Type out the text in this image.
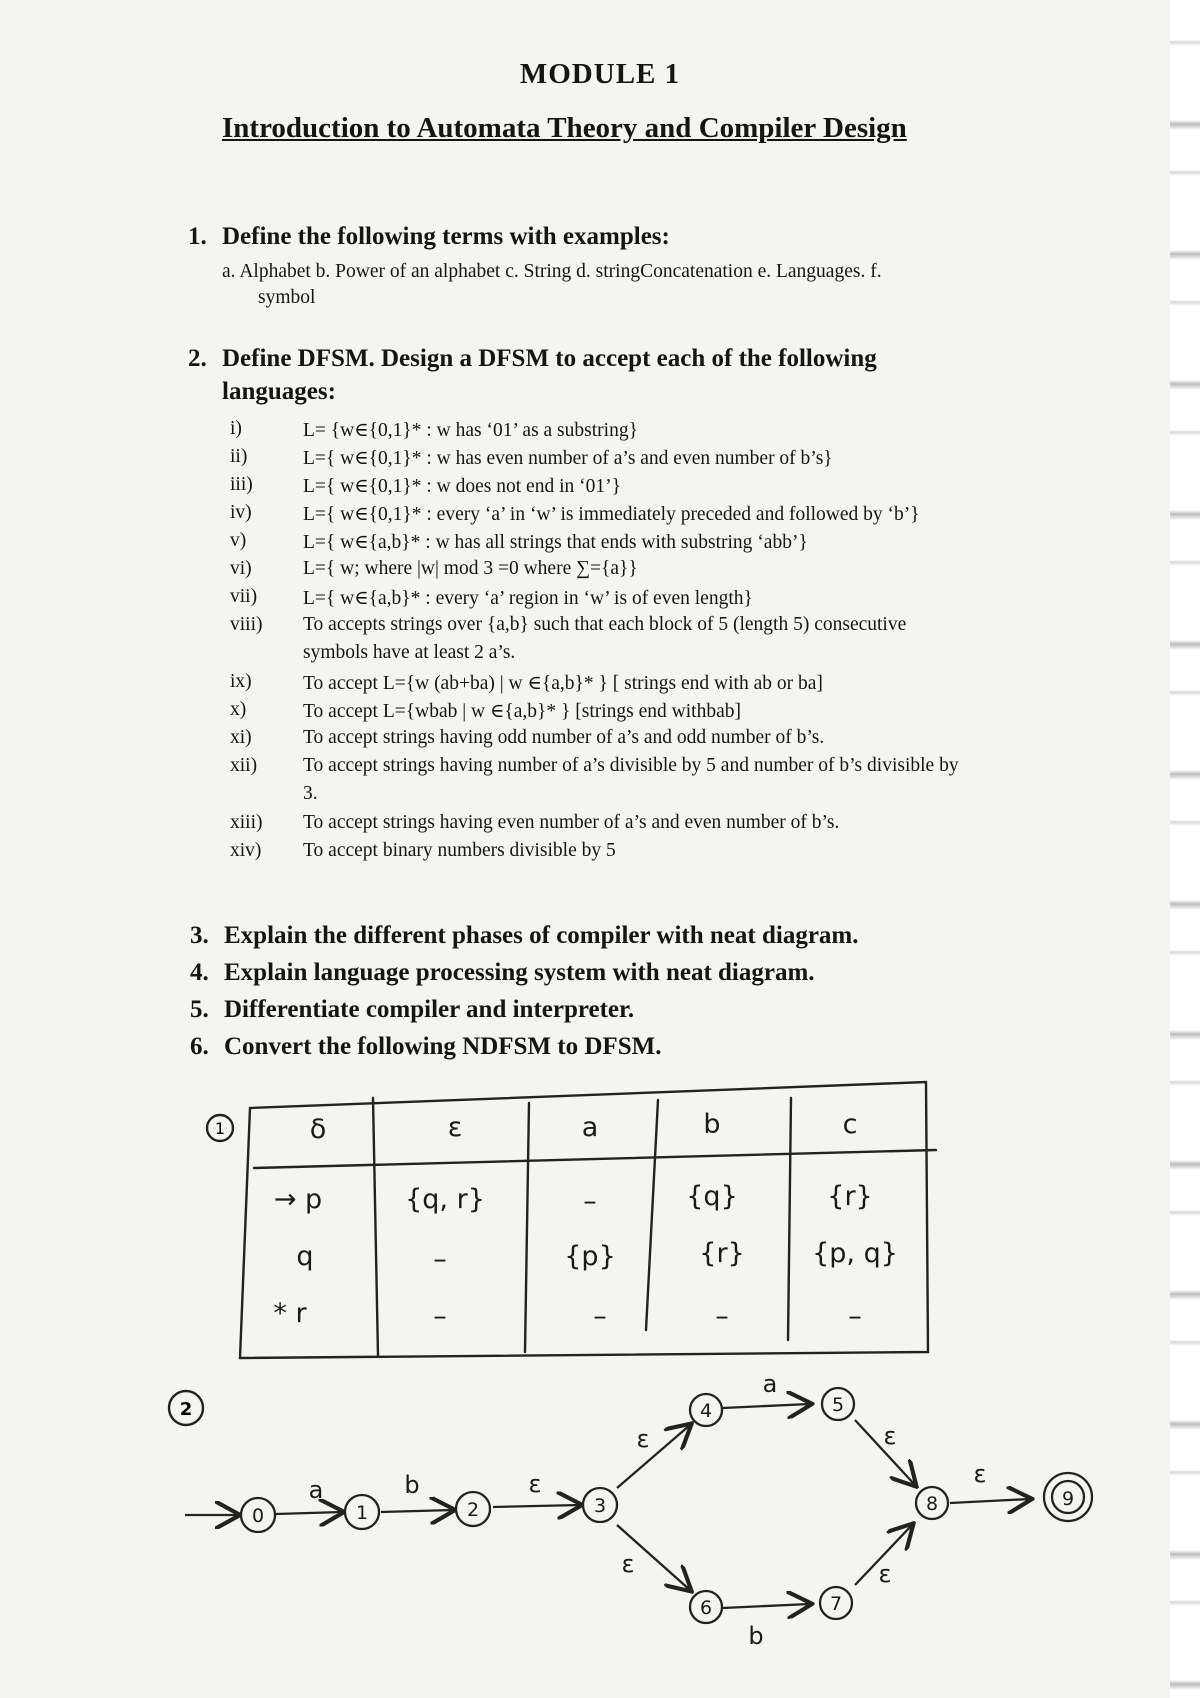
MODULE 1
Introduction to Automata Theory and Compiler Design
1. Define the following terms with examples:
a. Alphabet b. Power of an alphabet c. String d. stringConcatenation e. Languages. f.
symbol
2. Define DFSM. Design a DFSM to accept each of the following
languages:
i)	L= {w∈{0,1}* : w has ‘01’ as a substring}
ii)	L={ w∈{0,1}* : w has even number of a’s and even number of b’s}
iii)	L={ w∈{0,1}* : w does not end in ‘01’}
iv)	L={ w∈{0,1}* : every ‘a’ in ‘w’ is immediately preceded and followed by ‘b’}
v)	L={ w∈{a,b}* : w has all strings that ends with substring ‘abb’}
vi)	L={ w; where |w| mod 3 =0 where ∑={a}}
vii) L={ w∈{a,b}* : every ‘a’ region in ‘w’ is of even length}
viii) To accepts strings over {a,b} such that each block of 5 (length 5) consecutive
symbols have at least 2 a’s.
ix)	To accept L={w (ab+ba) | w ∈{a,b}* } [ strings end with ab or ba]
x)	To accept L={wbab | w ∈{a,b}* } [strings end withbab]
xi)	To accept strings having odd number of a’s and odd number of b’s.
xii) To accept strings having number of a’s divisible by 5 and number of b’s divisible by
3.
xiii) To accept strings having even number of a’s and even number of b’s.
xiv) To accept binary numbers divisible by 5
3. Explain the different phases of compiler with neat diagram.
4. Explain language processing system with neat diagram.
5. Differentiate compiler and interpreter.
6. Convert the following NDFSM to DFSM.
1	δ	ε	a	b	c
→ p	{q, r}	–	{q}	{r}
q	–	{p}	{r} {p, q}
* r	–	–	–	–
2
0	1	2	3
4	5
6	7
8	9
a	b	ε
ε
a
ε
ε
b
ε
ε
